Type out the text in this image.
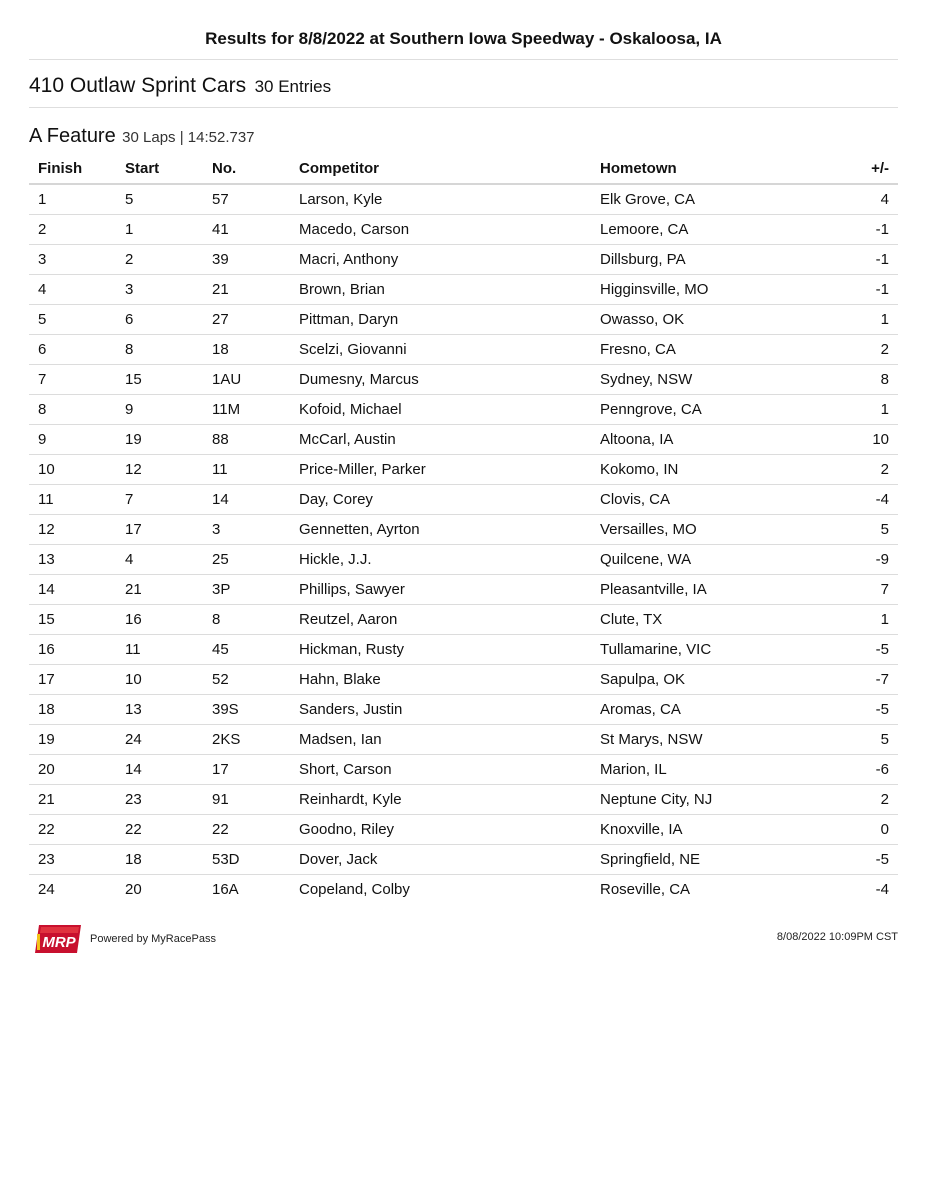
Results for 8/8/2022 at Southern Iowa Speedway - Oskaloosa, IA
410 Outlaw Sprint Cars 30 Entries
A Feature 30 Laps | 14:52.737
Finish	Start	No.	Competitor	Hometown	+/-
1	5	57	Larson, Kyle	Elk Grove, CA	4
2	1	41	Macedo, Carson	Lemoore, CA	-1
3	2	39	Macri, Anthony	Dillsburg, PA	-1
4	3	21	Brown, Brian	Higginsville, MO	-1
5	6	27	Pittman, Daryn	Owasso, OK	1
6	8	18	Scelzi, Giovanni	Fresno, CA	2
7	15	1AU	Dumesny, Marcus	Sydney, NSW	8
8	9	11M	Kofoid, Michael	Penngrove, CA	1
9	19	88	McCarl, Austin	Altoona, IA	10
10	12	11	Price-Miller, Parker	Kokomo, IN	2
11	7	14	Day, Corey	Clovis, CA	-4
12	17	3	Gennetten, Ayrton	Versailles, MO	5
13	4	25	Hickle, J.J.	Quilcene, WA	-9
14	21	3P	Phillips, Sawyer	Pleasantville, IA	7
15	16	8	Reutzel, Aaron	Clute, TX	1
16	11	45	Hickman, Rusty	Tullamarine, VIC	-5
17	10	52	Hahn, Blake	Sapulpa, OK	-7
18	13	39S	Sanders, Justin	Aromas, CA	-5
19	24	2KS	Madsen, Ian	St Marys, NSW	5
20	14	17	Short, Carson	Marion, IL	-6
21	23	91	Reinhardt, Kyle	Neptune City, NJ	2
22	22	22	Goodno, Riley	Knoxville, IA	0
23	18	53D	Dover, Jack	Springfield, NE	-5
24	20	16A	Copeland, Colby	Roseville, CA	-4
MRP Powered by MyRacePass	8/08/2022 10:09PM CST
